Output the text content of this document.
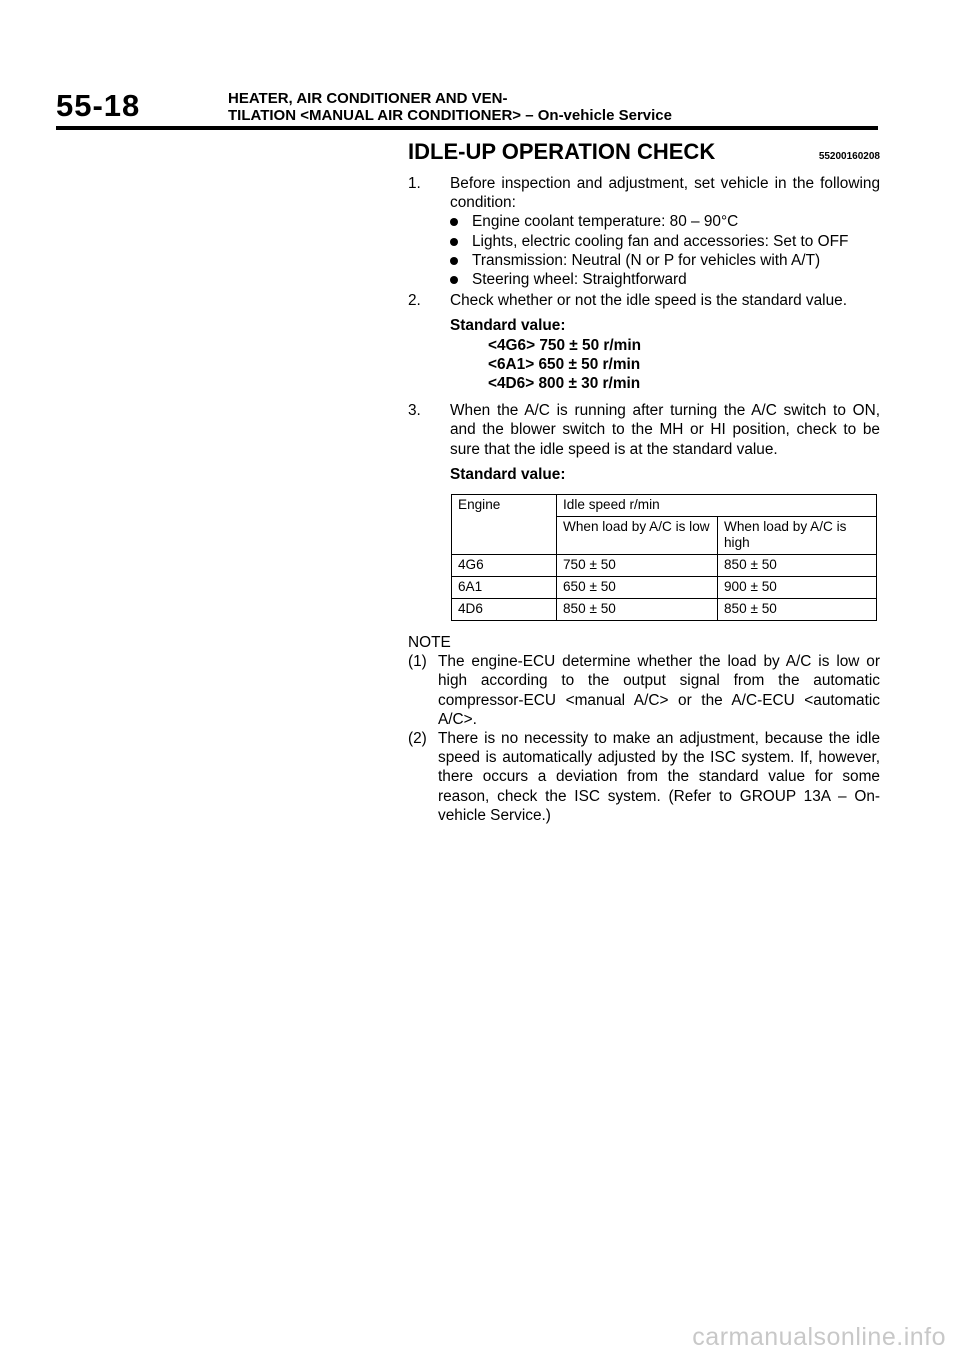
55-18	HEATER, AIR CONDITIONER AND VEN-
TILATION <MANUAL AIR CONDITIONER> – On-vehicle Service
IDLE-UP OPERATION CHECK	55200160208
1.	Before inspection and adjustment, set vehicle in the following condition:
Engine coolant temperature: 80 – 90°C
Lights, electric cooling fan and accessories: Set to OFF
Transmission: Neutral (N or P for vehicles with A/T)
Steering wheel: Straightforward
2.	Check whether or not the idle speed is the standard value.
Standard value:
<4G6> 750 ± 50 r/min
<6A1> 650 ± 50 r/min
<4D6> 800 ± 30 r/min
3.	When the A/C is running after turning the A/C switch to ON, and the blower switch to the MH or HI position, check to be sure that the idle speed is at the standard value.
Standard value:
Engine	Idle speed r/min	
	When load by A/C is low	When load by A/C is high
4G6	750 ± 50	850 ± 50
6A1	650 ± 50	900 ± 50
4D6	850 ± 50	850 ± 50
NOTE
(1) The engine-ECU determine whether the load by A/C is low or high according to the output signal from the automatic compressor-ECU <manual A/C> or the A/C-ECU <automatic A/C>.
(2) There is no necessity to make an adjustment, because the idle speed is automatically adjusted by the ISC system. If, however, there occurs a deviation from the standard value for some reason, check the ISC system. (Refer to GROUP 13A – On-vehicle Service.)
carmanualsonline.info
